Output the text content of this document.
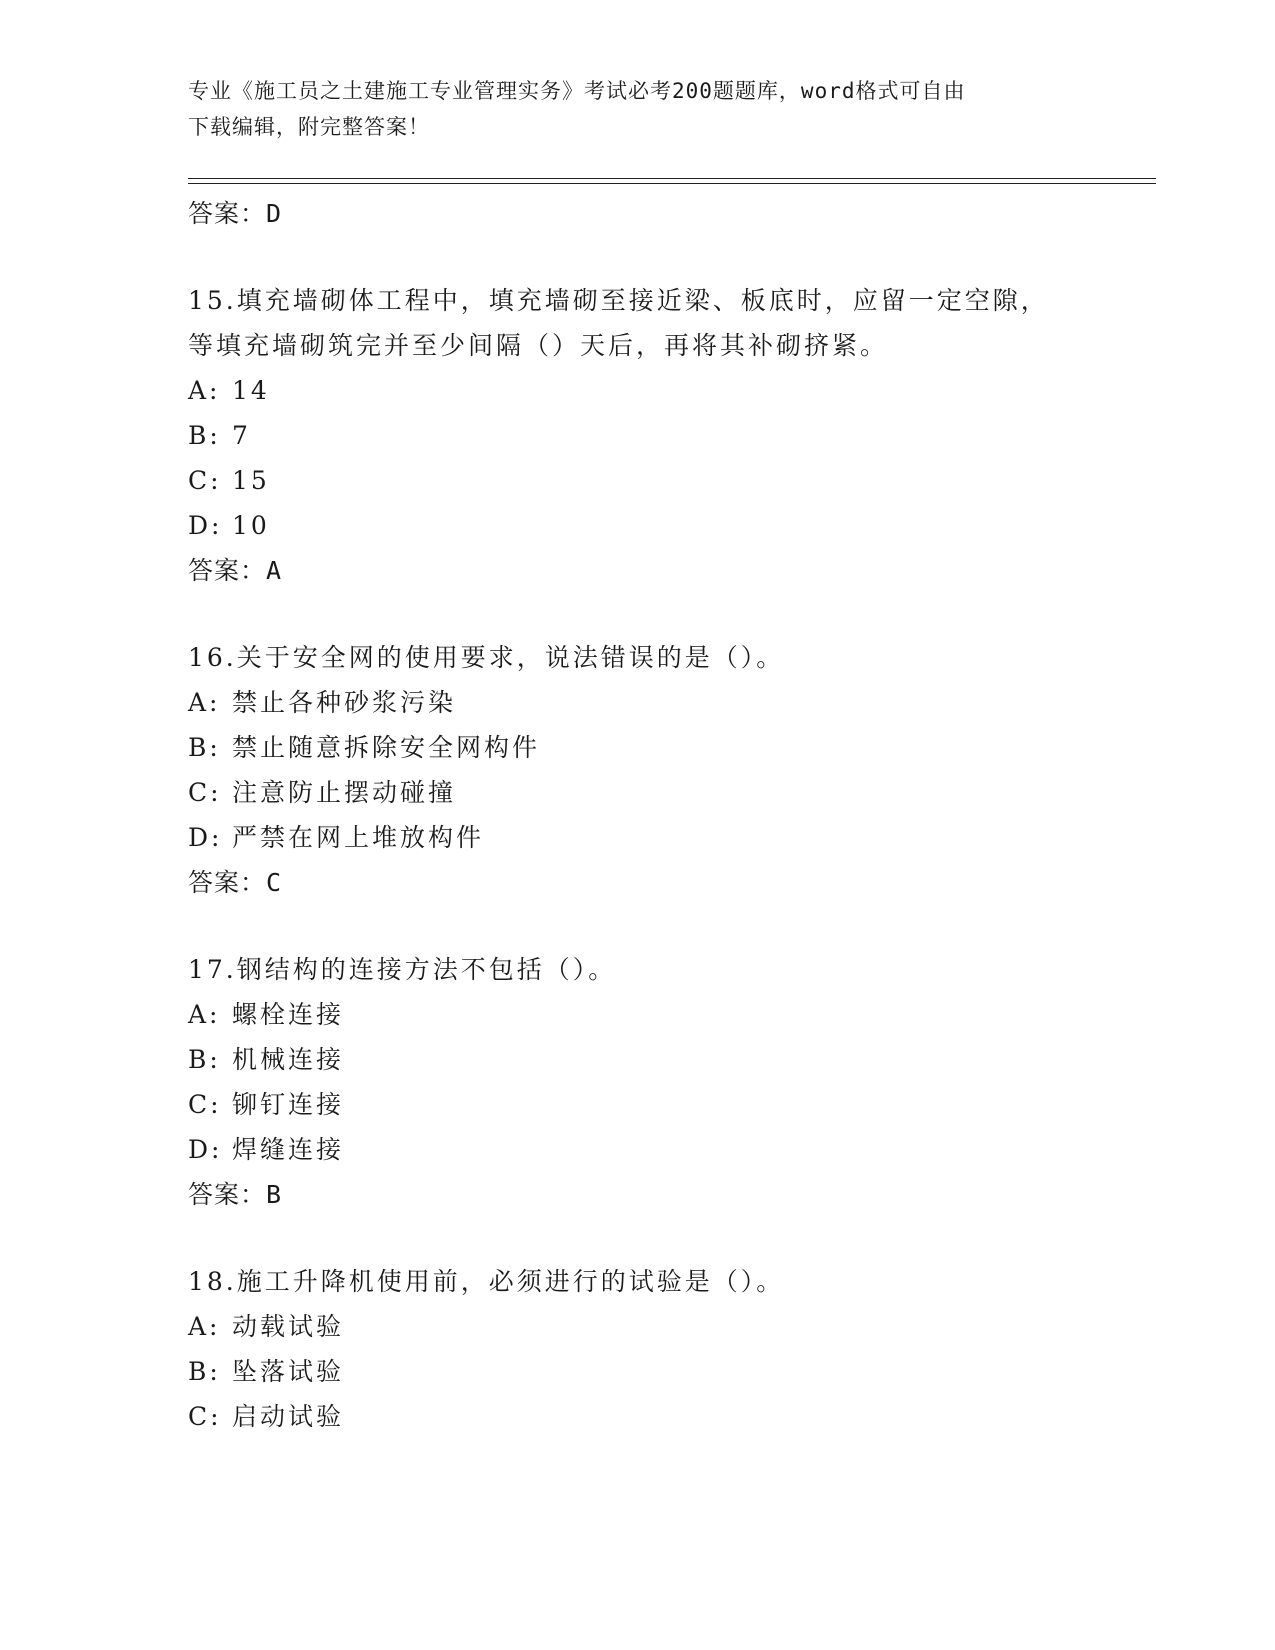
专业《施工员之土建施工专业管理实务》考试必考200题题库，word格式可自由
下载编辑，附完整答案！
答案：D
15.填充墙砌体工程中，填充墙砌至接近梁、板底时，应留一定空隙，
等填充墙砌筑完并至少间隔（）天后，再将其补砌挤紧。
A: 14
B: 7
C: 15
D: 10
答案：A
16.关于安全网的使用要求，说法错误的是（）。
A: 禁止各种砂浆污染
B: 禁止随意拆除安全网构件
C: 注意防止摆动碰撞
D: 严禁在网上堆放构件
答案：C
17.钢结构的连接方法不包括（）。
A: 螺栓连接
B: 机械连接
C: 铆钉连接
D: 焊缝连接
答案：B
18.施工升降机使用前，必须进行的试验是（）。
A: 动载试验
B: 坠落试验
C: 启动试验
